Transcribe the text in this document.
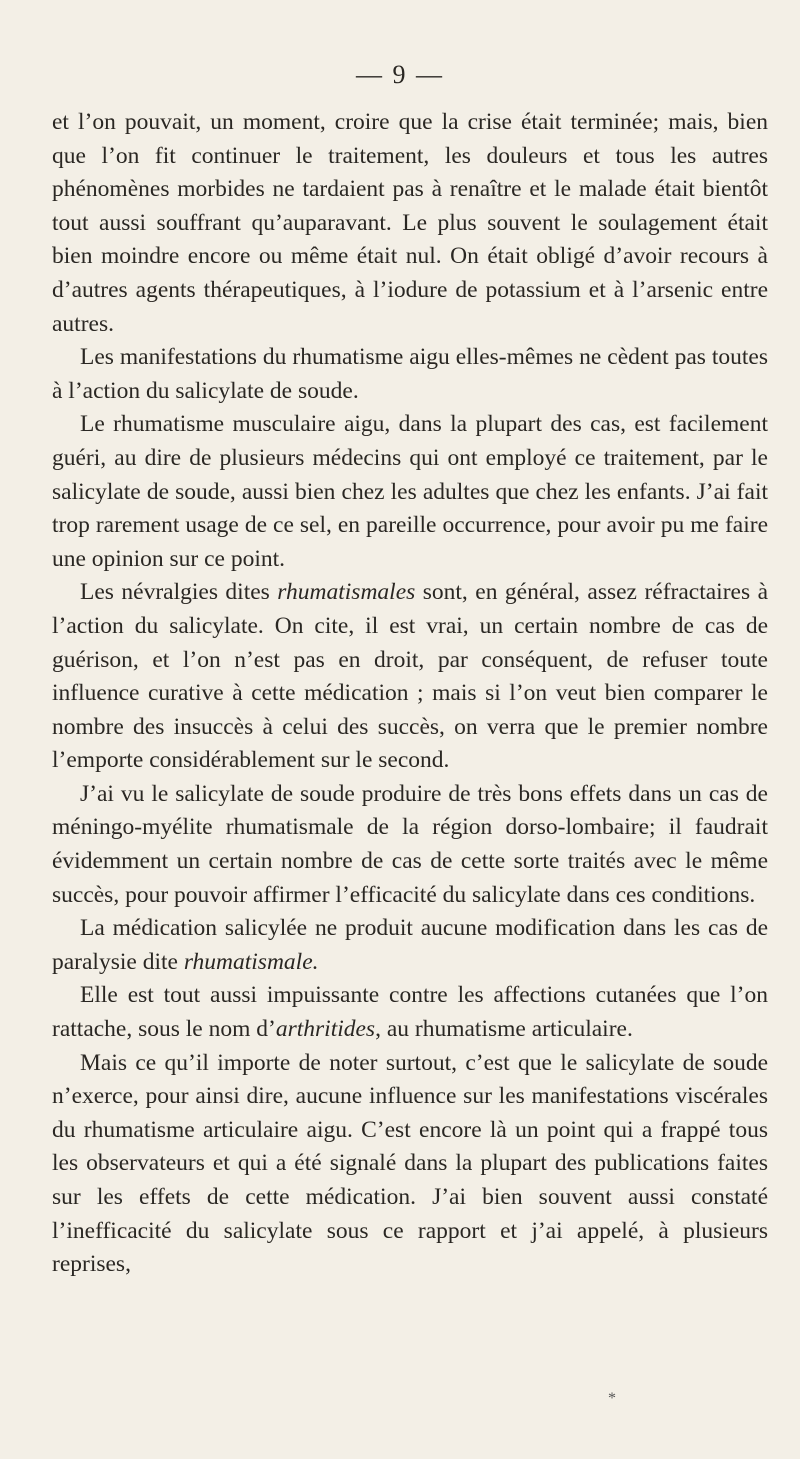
— 9 —

et l’on pouvait, un moment, croire que la crise était terminée; mais, bien que l’on fit continuer le traitement, les douleurs et tous les autres phénomènes morbides ne tardaient pas à renaître et le malade était bientôt tout aussi souffrant qu’auparavant. Le plus souvent le soulagement était bien moindre encore ou même était nul. On était obligé d’avoir recours à d’autres agents thérapeutiques, à l’iodure de potassium et à l’arsenic entre autres.

Les manifestations du rhumatisme aigu elles-mêmes ne cèdent pas toutes à l’action du salicylate de soude.

Le rhumatisme musculaire aigu, dans la plupart des cas, est facilement guéri, au dire de plusieurs médecins qui ont employé ce traitement, par le salicylate de soude, aussi bien chez les adultes que chez les enfants. J’ai fait trop rarement usage de ce sel, en pareille occurrence, pour avoir pu me faire une opinion sur ce point.

Les névralgies dites rhumatismales sont, en général, assez réfractaires à l’action du salicylate. On cite, il est vrai, un certain nombre de cas de guérison, et l’on n’est pas en droit, par conséquent, de refuser toute influence curative à cette médication ; mais si l’on veut bien comparer le nombre des insuccès à celui des succès, on verra que le premier nombre l’emporte considérablement sur le second.

J’ai vu le salicylate de soude produire de très bons effets dans un cas de méningo-myélite rhumatismale de la région dorso-lombaire; il faudrait évidemment un certain nombre de cas de cette sorte traités avec le même succès, pour pouvoir affirmer l’efficacité du salicylate dans ces conditions.

La médication salicylée ne produit aucune modification dans les cas de paralysie dite rhumatismale.

Elle est tout aussi impuissante contre les affections cutanées que l’on rattache, sous le nom d’arthritides, au rhumatisme articulaire.

Mais ce qu’il importe de noter surtout, c’est que le salicylate de soude n’exerce, pour ainsi dire, aucune influence sur les manifestations viscérales du rhumatisme articulaire aigu. C’est encore là un point qui a frappé tous les observateurs et qui a été signalé dans la plupart des publications faites sur les effets de cette médication. J’ai bien souvent aussi constaté l’inefficacité du salicylate sous ce rapport et j’ai appelé, à plusieurs reprises,

*
